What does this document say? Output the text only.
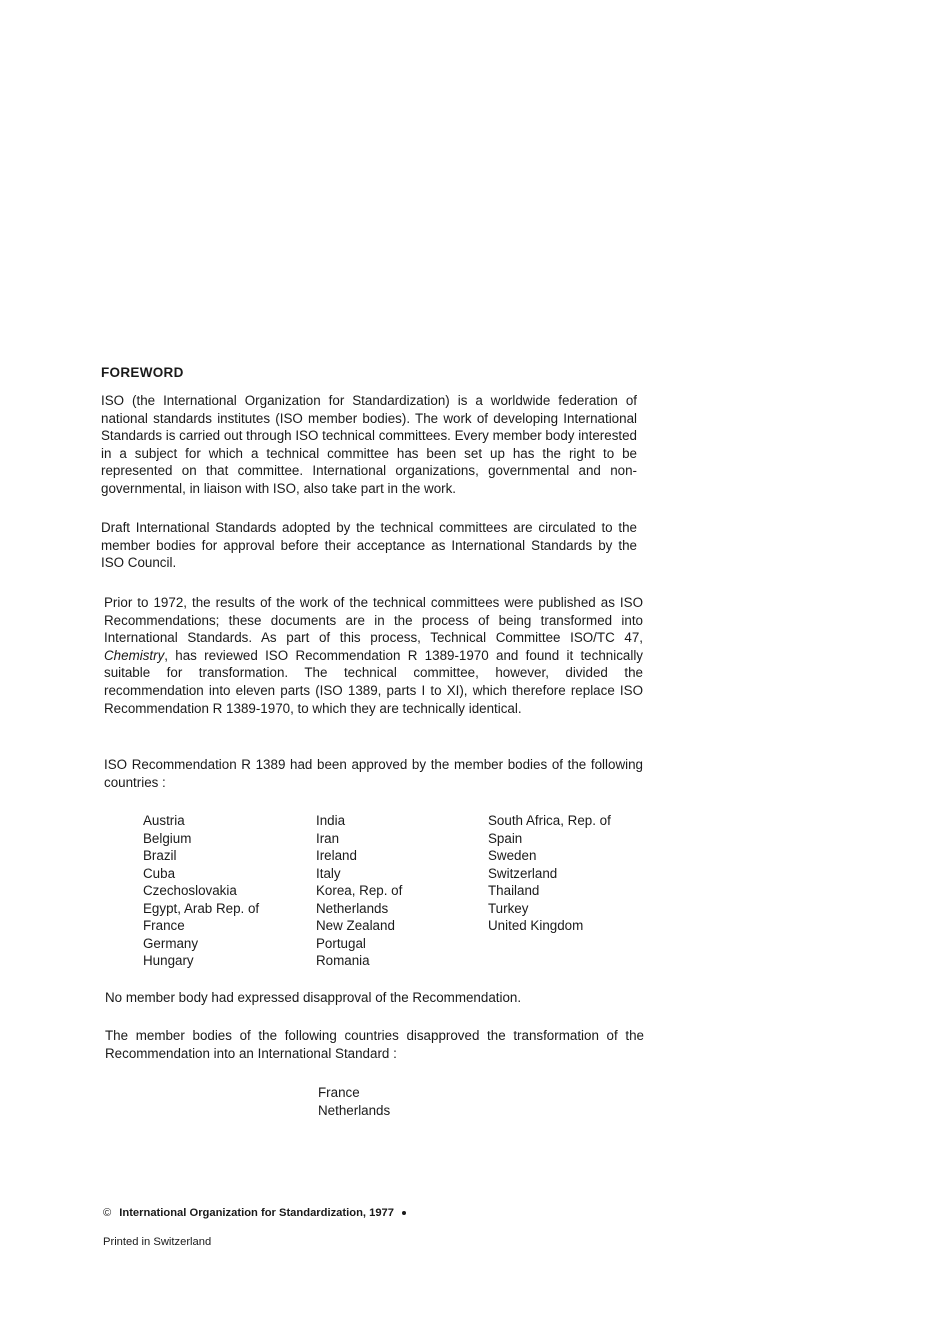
FOREWORD

ISO (the International Organization for Standardization) is a worldwide federation of national standards institutes (ISO member bodies). The work of developing International Standards is carried out through ISO technical committees. Every member body interested in a subject for which a technical committee has been set up has the right to be represented on that committee. International organizations, governmental and non-governmental, in liaison with ISO, also take part in the work.

Draft International Standards adopted by the technical committees are circulated to the member bodies for approval before their acceptance as International Standards by the ISO Council.

Prior to 1972, the results of the work of the technical committees were published as ISO Recommendations; these documents are in the process of being transformed into International Standards. As part of this process, Technical Committee ISO/TC 47, Chemistry, has reviewed ISO Recommendation R 1389-1970 and found it technically suitable for transformation. The technical committee, however, divided the recommendation into eleven parts (ISO 1389, parts I to XI), which therefore replace ISO Recommendation R 1389-1970, to which they are technically identical.

ISO Recommendation R 1389 had been approved by the member bodies of the following countries :

Austria
Belgium
Brazil
Cuba
Czechoslovakia
Egypt, Arab Rep. of
France
Germany
Hungary
India
Iran
Ireland
Italy
Korea, Rep. of
Netherlands
New Zealand
Portugal
Romania
South Africa, Rep. of
Spain
Sweden
Switzerland
Thailand
Turkey
United Kingdom

No member body had expressed disapproval of the Recommendation.

The member bodies of the following countries disapproved the transformation of the Recommendation into an International Standard :

France
Netherlands
© International Organization for Standardization, 1977
Printed in Switzerland
